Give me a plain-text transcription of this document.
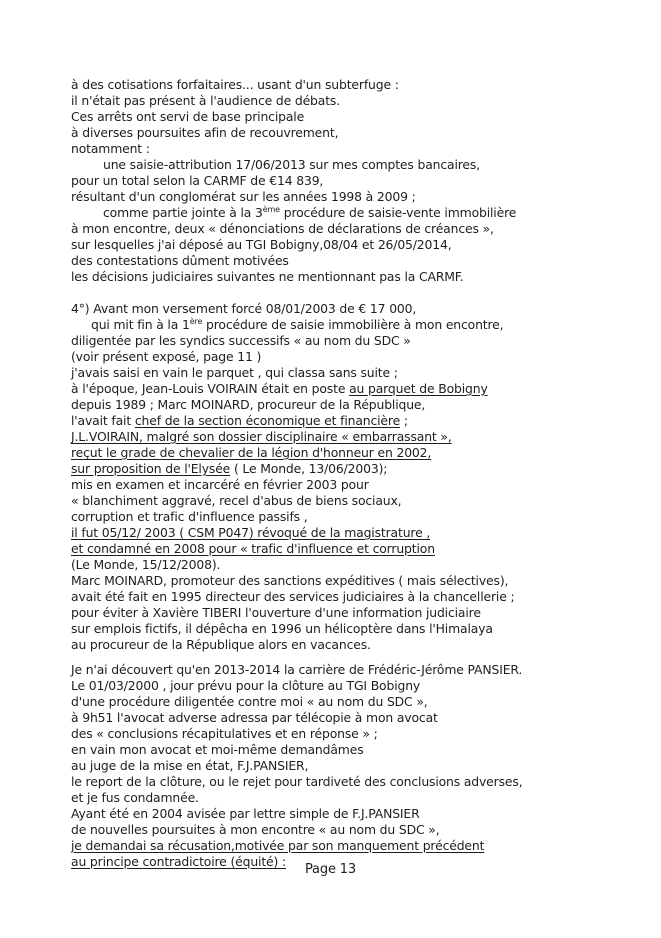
à des cotisations forfaitaires... usant d'un subterfuge :
il n'était pas présent à l'audience de débats.
Ces arrêts ont servi de base principale
à diverses poursuites afin de recouvrement,
notamment :
une saisie-attribution 17/06/2013 sur mes comptes bancaires,
pour un total selon la CARMF de €14 839,
résultant d'un conglomérat sur les années 1998 à 2009 ;
comme partie jointe à la 3ème procédure de saisie-vente immobilière
à mon encontre, deux « dénonciations de déclarations de créances »,
sur lesquelles j'ai déposé au TGI Bobigny,08/04 et 26/05/2014,
des contestations dûment motivées
les décisions judiciaires suivantes ne mentionnant pas la CARMF.
4°) Avant mon versement forcé 08/01/2003 de € 17 000,
qui mit fin à la 1ère procédure de saisie immobilière à mon encontre,
diligentée par les syndics successifs « au nom du SDC »
(voir présent exposé, page 11 )
j'avais saisi en vain le parquet , qui classa sans suite ;
à l'époque, Jean-Louis VOIRAIN était en poste au parquet de Bobigny
depuis 1989 ; Marc MOINARD, procureur de la République,
l'avait fait chef de la section économique et financière ;
J.L.VOIRAIN, malgré son dossier disciplinaire « embarrassant »,
reçut le grade de chevalier de la légion d'honneur en 2002,
sur proposition de l'Elysée ( Le Monde, 13/06/2003);
mis en examen et incarcéré en février 2003 pour
« blanchiment aggravé, recel d'abus de biens sociaux,
corruption et trafic d'influence passifs ,
il fut 05/12/ 2003 ( CSM P047) révoqué de la magistrature ,
et condamné en 2008 pour « trafic d'influence et corruption
(Le Monde, 15/12/2008).
Marc MOINARD, promoteur des sanctions expéditives ( mais sélectives),
avait été fait en 1995 directeur des services judiciaires à la chancellerie ;
pour éviter à Xavière TIBERI l'ouverture d'une information judiciaire
sur emplois fictifs, il dépêcha en 1996 un hélicoptère dans l'Himalaya
au procureur de la République alors en vacances.
Je n'ai découvert qu'en 2013-2014 la carrière de Frédéric-Jérôme PANSIER.
Le 01/03/2000 , jour prévu pour la clôture au TGI Bobigny
d'une procédure diligentée contre moi « au nom du SDC »,
à 9h51 l'avocat adverse adressa par télécopie à mon avocat
des « conclusions récapitulatives et en réponse » ;
en vain mon avocat et moi-même demandâmes
au juge de la mise en état, F.J.PANSIER,
le report de la clôture, ou le rejet pour tardiveté des conclusions adverses,
et je fus condamnée.
Ayant été en 2004 avisée par lettre simple de F.J.PANSIER
de nouvelles poursuites à mon encontre « au nom du SDC »,
je demandai sa récusation,motivée par son manquement précédent
au principe contradictoire (équité) :
Page 13
